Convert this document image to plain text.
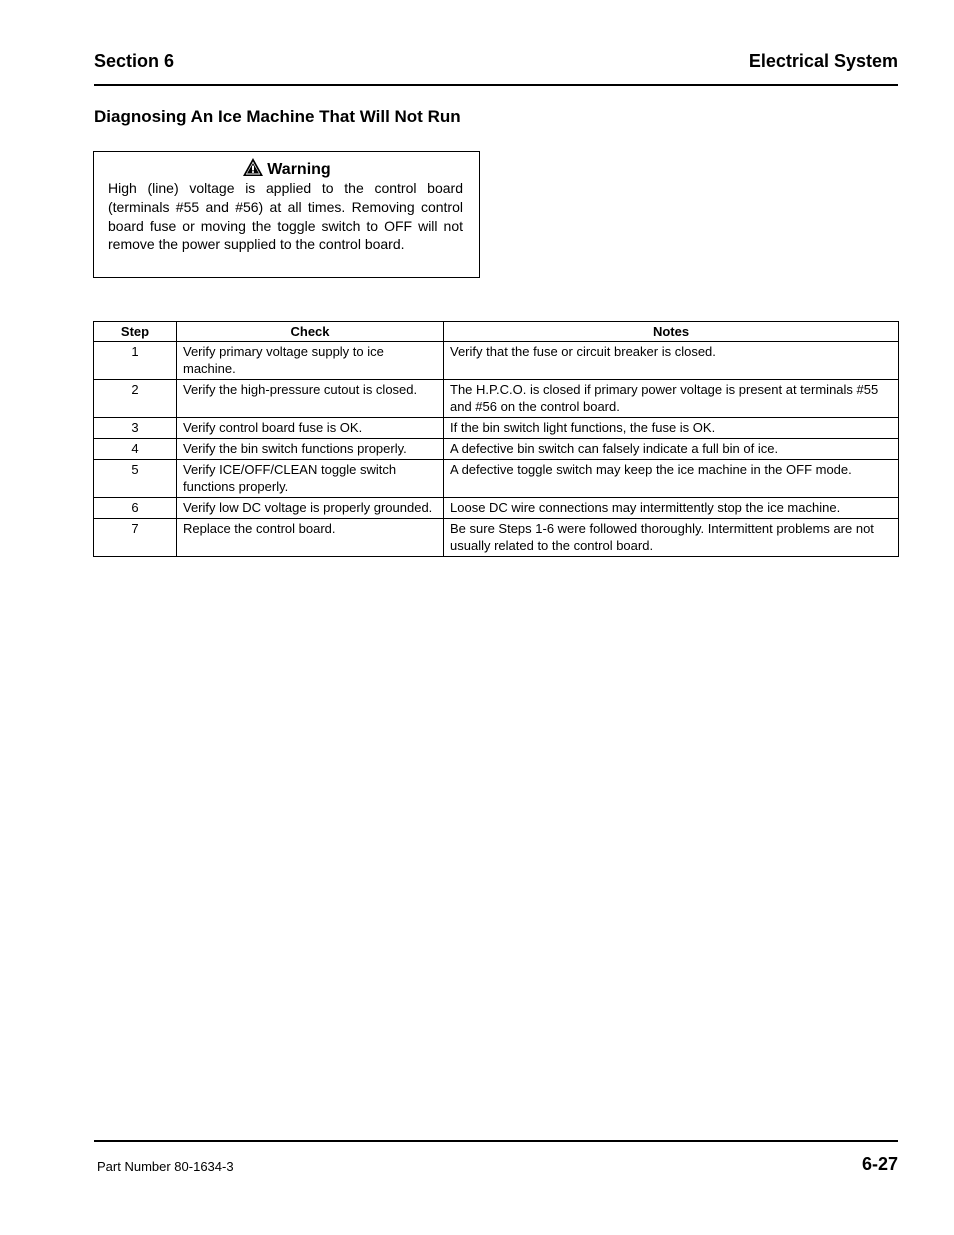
Section 6	Electrical System
Diagnosing An Ice Machine That Will Not Run
Warning
High (line) voltage is applied to the control board (terminals #55 and #56) at all times. Removing control board fuse or moving the toggle switch to OFF will not remove the power supplied to the control board.
Step	Check	Notes
1	Verify primary voltage supply to ice machine.	Verify that the fuse or circuit breaker is closed.
2	Verify the high-pressure cutout is closed.	The H.P.C.O. is closed if primary power voltage is present at terminals #55 and #56 on the control board.
3	Verify control board fuse is OK.	If the bin switch light functions, the fuse is OK.
4	Verify the bin switch functions properly.	A defective bin switch can falsely indicate a full bin of ice.
5	Verify ICE/OFF/CLEAN toggle switch functions properly.	A defective toggle switch may keep the ice machine in the OFF mode.
6	Verify low DC voltage is properly grounded.	Loose DC wire connections may intermittently stop the ice machine.
7	Replace the control board.	Be sure Steps 1-6 were followed thoroughly. Intermittent problems are not usually related to the control board.
Part Number 80-1634-3	6-27
